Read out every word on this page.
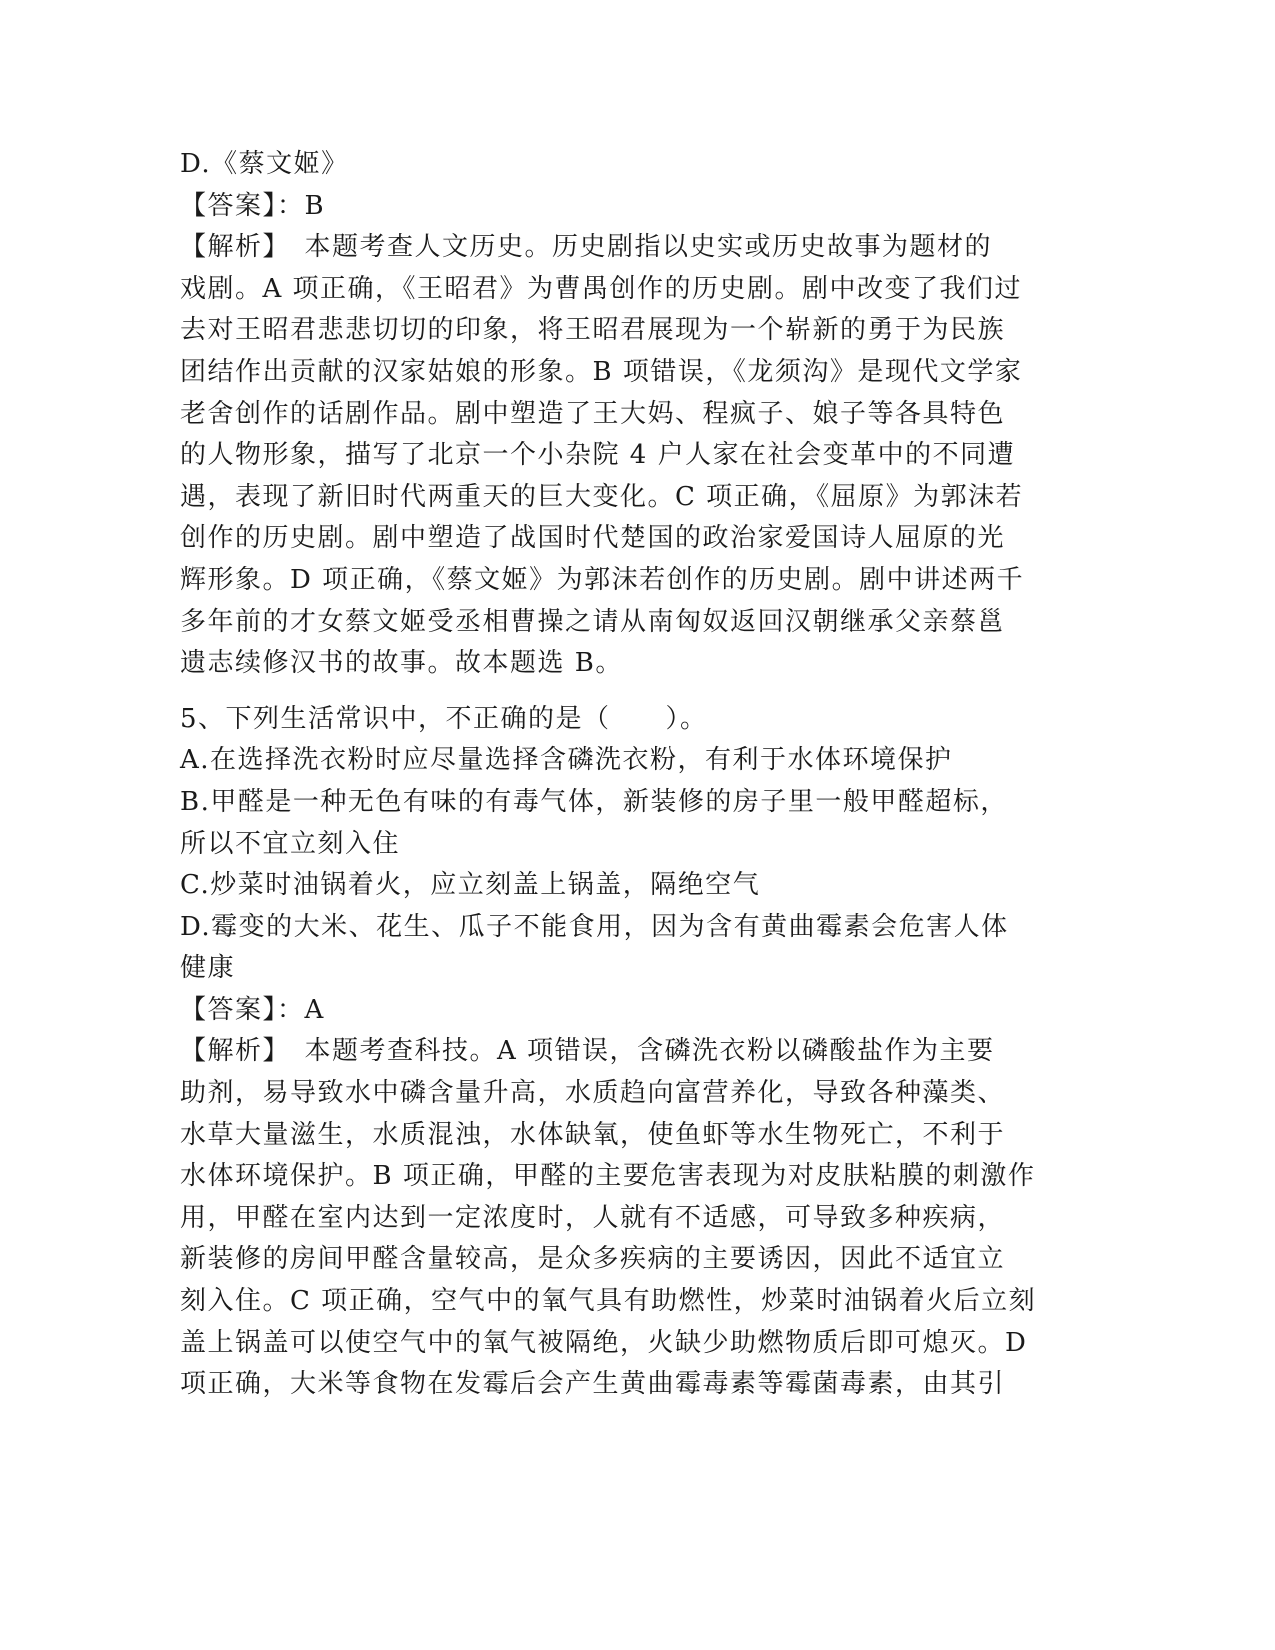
D.《蔡文姬》

【答案】：B

【解析】　本题考查人文历史。历史剧指以史实或历史故事为题材的

戏剧。A 项正确，《王昭君》为曹禺创作的历史剧。剧中改变了我们过

去对王昭君悲悲切切的印象，将王昭君展现为一个崭新的勇于为民族

团结作出贡献的汉家姑娘的形象。B 项错误，《龙须沟》是现代文学家

老舍创作的话剧作品。剧中塑造了王大妈、程疯子、娘子等各具特色

的人物形象，描写了北京一个小杂院 4 户人家在社会变革中的不同遭

遇，表现了新旧时代两重天的巨大变化。C 项正确，《屈原》为郭沫若

创作的历史剧。剧中塑造了战国时代楚国的政治家爱国诗人屈原的光

辉形象。D 项正确，《蔡文姬》为郭沫若创作的历史剧。剧中讲述两千

多年前的才女蔡文姬受丞相曹操之请从南匈奴返回汉朝继承父亲蔡邕

遗志续修汉书的故事。故本题选 B。

5、下列生活常识中，不正确的是（　　）。

A.在选择洗衣粉时应尽量选择含磷洗衣粉，有利于水体环境保护

B.甲醛是一种无色有味的有毒气体，新装修的房子里一般甲醛超标，

所以不宜立刻入住

C.炒菜时油锅着火，应立刻盖上锅盖，隔绝空气

D.霉变的大米、花生、瓜子不能食用，因为含有黄曲霉素会危害人体

健康

【答案】：A

【解析】　本题考查科技。A 项错误，含磷洗衣粉以磷酸盐作为主要

助剂，易导致水中磷含量升高，水质趋向富营养化，导致各种藻类、

水草大量滋生，水质混浊，水体缺氧，使鱼虾等水生物死亡，不利于

水体环境保护。B 项正确，甲醛的主要危害表现为对皮肤粘膜的刺激作

用，甲醛在室内达到一定浓度时，人就有不适感，可导致多种疾病，

新装修的房间甲醛含量较高，是众多疾病的主要诱因，因此不适宜立

刻入住。C 项正确，空气中的氧气具有助燃性，炒菜时油锅着火后立刻

盖上锅盖可以使空气中的氧气被隔绝，火缺少助燃物质后即可熄灭。D

项正确，大米等食物在发霉后会产生黄曲霉毒素等霉菌毒素，由其引
